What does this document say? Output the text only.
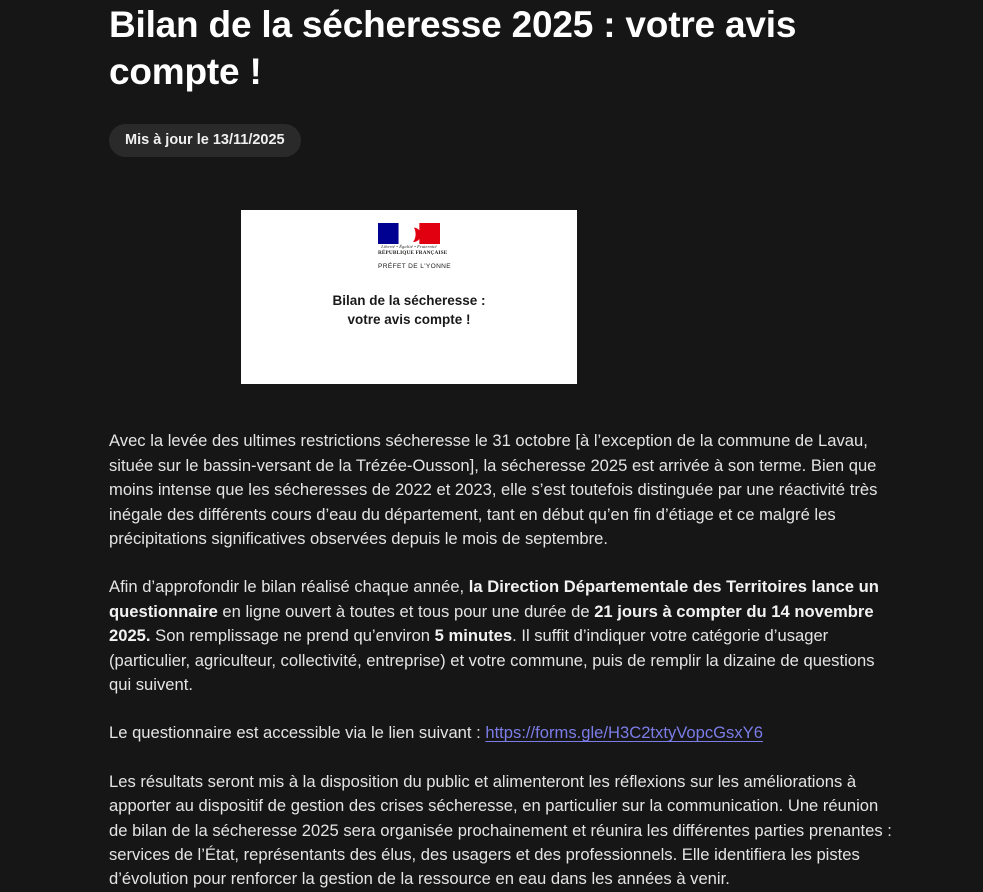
Bilan de la sécheresse 2025 : votre avis compte !
Mis à jour le 13/11/2025
Liberté • Égalité • Fraternité
RÉPUBLIQUE FRANÇAISE
PRÉFET DE L'YONNE
Bilan de la sécheresse :
votre avis compte !

Avec la levée des ultimes restrictions sécheresse le 31 octobre [à l’exception de la commune de Lavau, située sur le bassin-versant de la Trézée-Ousson], la sécheresse 2025 est arrivée à son terme. Bien que moins intense que les sécheresses de 2022 et 2023, elle s’est toutefois distinguée par une réactivité très inégale des différents cours d’eau du département, tant en début qu’en fin d’étiage et ce malgré les précipitations significatives observées depuis le mois de septembre.

Afin d’approfondir le bilan réalisé chaque année, la Direction Départementale des Territoires lance un questionnaire en ligne ouvert à toutes et tous pour une durée de 21 jours à compter du 14 novembre 2025. Son remplissage ne prend qu’environ 5 minutes. Il suffit d’indiquer votre catégorie d’usager (particulier, agriculteur, collectivité, entreprise) et votre commune, puis de remplir la dizaine de questions qui suivent.

Le questionnaire est accessible via le lien suivant : https://forms.gle/H3C2txtyVopcGsxY6

Les résultats seront mis à la disposition du public et alimenteront les réflexions sur les améliorations à apporter au dispositif de gestion des crises sécheresse, en particulier sur la communication. Une réunion de bilan de la sécheresse 2025 sera organisée prochainement et réunira les différentes parties prenantes : services de l’État, représentants des élus, des usagers et des professionnels. Elle identifiera les pistes d’évolution pour renforcer la gestion de la ressource en eau dans les années à venir.
